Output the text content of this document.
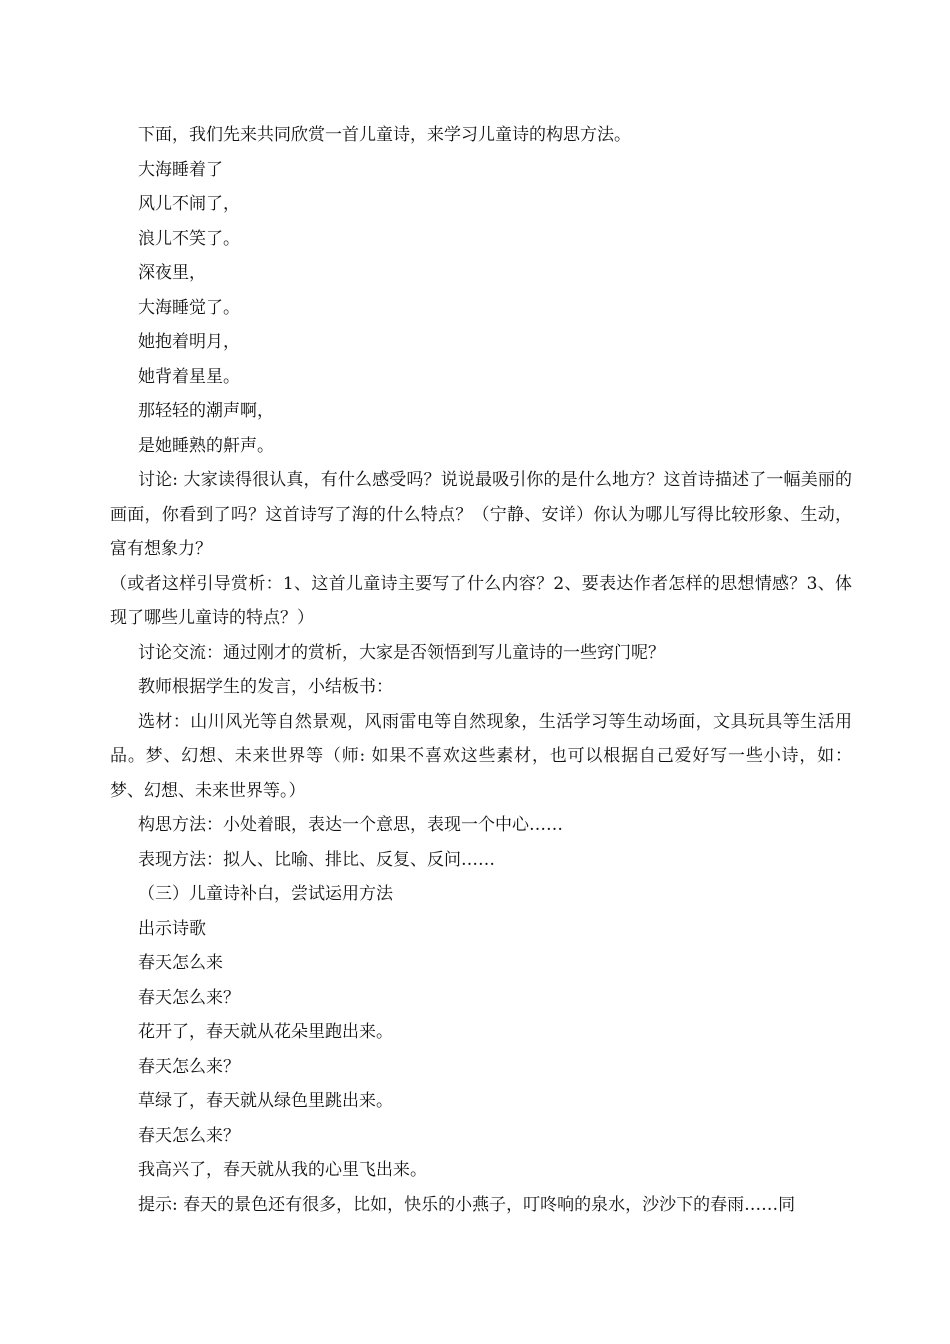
下面，我们先来共同欣赏一首儿童诗，来学习儿童诗的构思方法。

大海睡着了

风儿不闹了，

浪儿不笑了。

深夜里，

大海睡觉了。

她抱着明月，

她背着星星。

那轻轻的潮声啊，

是她睡熟的鼾声。

讨论: 大家读得很认真，有什么感受吗？说说最吸引你的是什么地方？这首诗描述了一幅美丽的画面，你看到了吗？这首诗写了海的什么特点？（宁静、安详）你认为哪儿写得比较形象、生动，富有想象力？

（或者这样引导赏析：1、这首儿童诗主要写了什么内容？2、要表达作者怎样的思想情感？3、体现了哪些儿童诗的特点？）

讨论交流：通过刚才的赏析，大家是否领悟到写儿童诗的一些窍门呢？

教师根据学生的发言，小结板书：

选材：山川风光等自然景观，风雨雷电等自然现象，生活学习等生动场面，文具玩具等生活用品。梦、幻想、未来世界等（师: 如果不喜欢这些素材，也可以根据自己爱好写一些小诗，如：梦、幻想、未来世界等。）

构思方法：小处着眼，表达一个意思，表现一个中心……

表现方法：拟人、比喻、排比、反复、反问……

（三）儿童诗补白，尝试运用方法

出示诗歌

春天怎么来

春天怎么来？

花开了，春天就从花朵里跑出来。

春天怎么来？

草绿了，春天就从绿色里跳出来。

春天怎么来？

我高兴了，春天就从我的心里飞出来。

提示: 春天的景色还有很多，比如，快乐的小燕子，叮咚响的泉水，沙沙下的春雨……同
